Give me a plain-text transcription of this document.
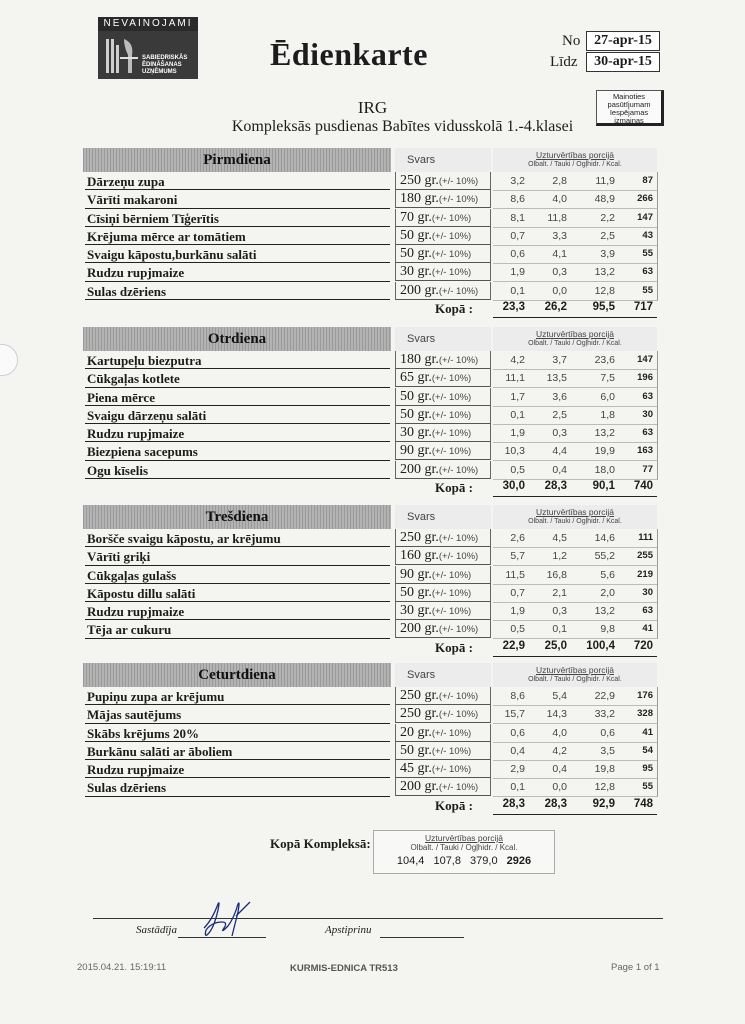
NEVAINOJAMI
SABIEDRISKĀS
ĒDINĀŠANAS
UZŅĒMUMS	Ēdienkarte	No 27-apr-15
Līdz	30-apr-15
Mainoties
pasūtījumam
Iespējamas
izmaiņas
IRG
Kompleksās pusdienas Babītes vidusskolā 1.-4.klasei
Pirmdiena	Svars	Uzturvērtības porcijā
Olbalt. / Tauki / Ogļhidr. / Kcal.
Dārzeņu zupa	250 gr.(+/- 10%)	3,2	2,8	11,9	87
Vārīti makaroni	180 gr.(+/- 10%)	8,6	4,0	48,9	266
Cīsiņi bērniem Tīģerītis	70 gr.(+/- 10%)	8,1	11,8	2,2	147
Krējuma mērce ar tomātiem	50 gr.(+/- 10%)	0,7	3,3	2,5	43
Svaigu kāpostu,burkānu salāti	50 gr.(+/- 10%)	0,6	4,1	3,9	55
Rudzu rupjmaize	30 gr.(+/- 10%)	1,9	0,3	13,2	63
Sulas dzēriens	200 gr.(+/- 10%)	0,1	0,0	12,8	55
Kopā :	23,3	26,2	95,5	717
Otrdiena	Svars	Uzturvērtības porcijā
Olbalt. / Tauki / Ogļhidr. / Kcal.
Kartupeļu biezputra	180 gr.(+/- 10%)	4,2	3,7	23,6	147
Cūkgaļas kotlete	65 gr.(+/- 10%)	11,1	13,5	7,5	196
Piena mērce	50 gr.(+/- 10%)	1,7	3,6	6,0	63
Svaigu dārzeņu salāti	50 gr.(+/- 10%)	0,1	2,5	1,8	30
Rudzu rupjmaize	30 gr.(+/- 10%)	1,9	0,3	13,2	63
Biezpiena sacepums	90 gr.(+/- 10%)	10,3	4,4	19,9	163
Ogu kīselis	200 gr.(+/- 10%)	0,5	0,4	18,0	77
Kopā :	30,0	28,3	90,1	740
Trešdiena	Svars	Uzturvērtības porcijā
Olbalt. / Tauki / Ogļhidr. / Kcal.
Boršče svaigu kāpostu, ar krējumu	250 gr.(+/- 10%)	2,6	4,5	14,6	111
Vārīti griķi	160 gr.(+/- 10%)	5,7	1,2	55,2	255
Cūkgaļas gulašs	90 gr.(+/- 10%)	11,5	16,8	5,6	219
Kāpostu dillu salāti	50 gr.(+/- 10%)	0,7	2,1	2,0	30
Rudzu rupjmaize	30 gr.(+/- 10%)	1,9	0,3	13,2	63
Tēja ar cukuru	200 gr.(+/- 10%)	0,5	0,1	9,8	41
Kopā :	22,9	25,0	100,4	720
Ceturtdiena	Svars	Uzturvērtības porcijā
Olbalt. / Tauki / Ogļhidr. / Kcal.
Pupiņu zupa ar krējumu	250 gr.(+/- 10%)	8,6	5,4	22,9	176
Mājas sautējums	250 gr.(+/- 10%)	15,7	14,3	33,2	328
Skābs krējums 20%	20 gr.(+/- 10%)	0,6	4,0	0,6	41
Burkānu salāti ar āboliem	50 gr.(+/- 10%)	0,4	4,2	3,5	54
Rudzu rupjmaize	45 gr.(+/- 10%)	2,9	0,4	19,8	95
Sulas dzēriens	200 gr.(+/- 10%)	0,1	0,0	12,8	55
Kopā :	28,3	28,3	92,9	748
Kopā Kompleksā:	Uzturvērtības porcijā
Olbalt. / Tauki / Ogļhidr. / Kcal.
104,4 107,8 379,0 2926
Sastādīja	Apstiprinu
2015.04.21. 15:19:11	KURMIS-EDNICA TR513	Page 1 of 1
